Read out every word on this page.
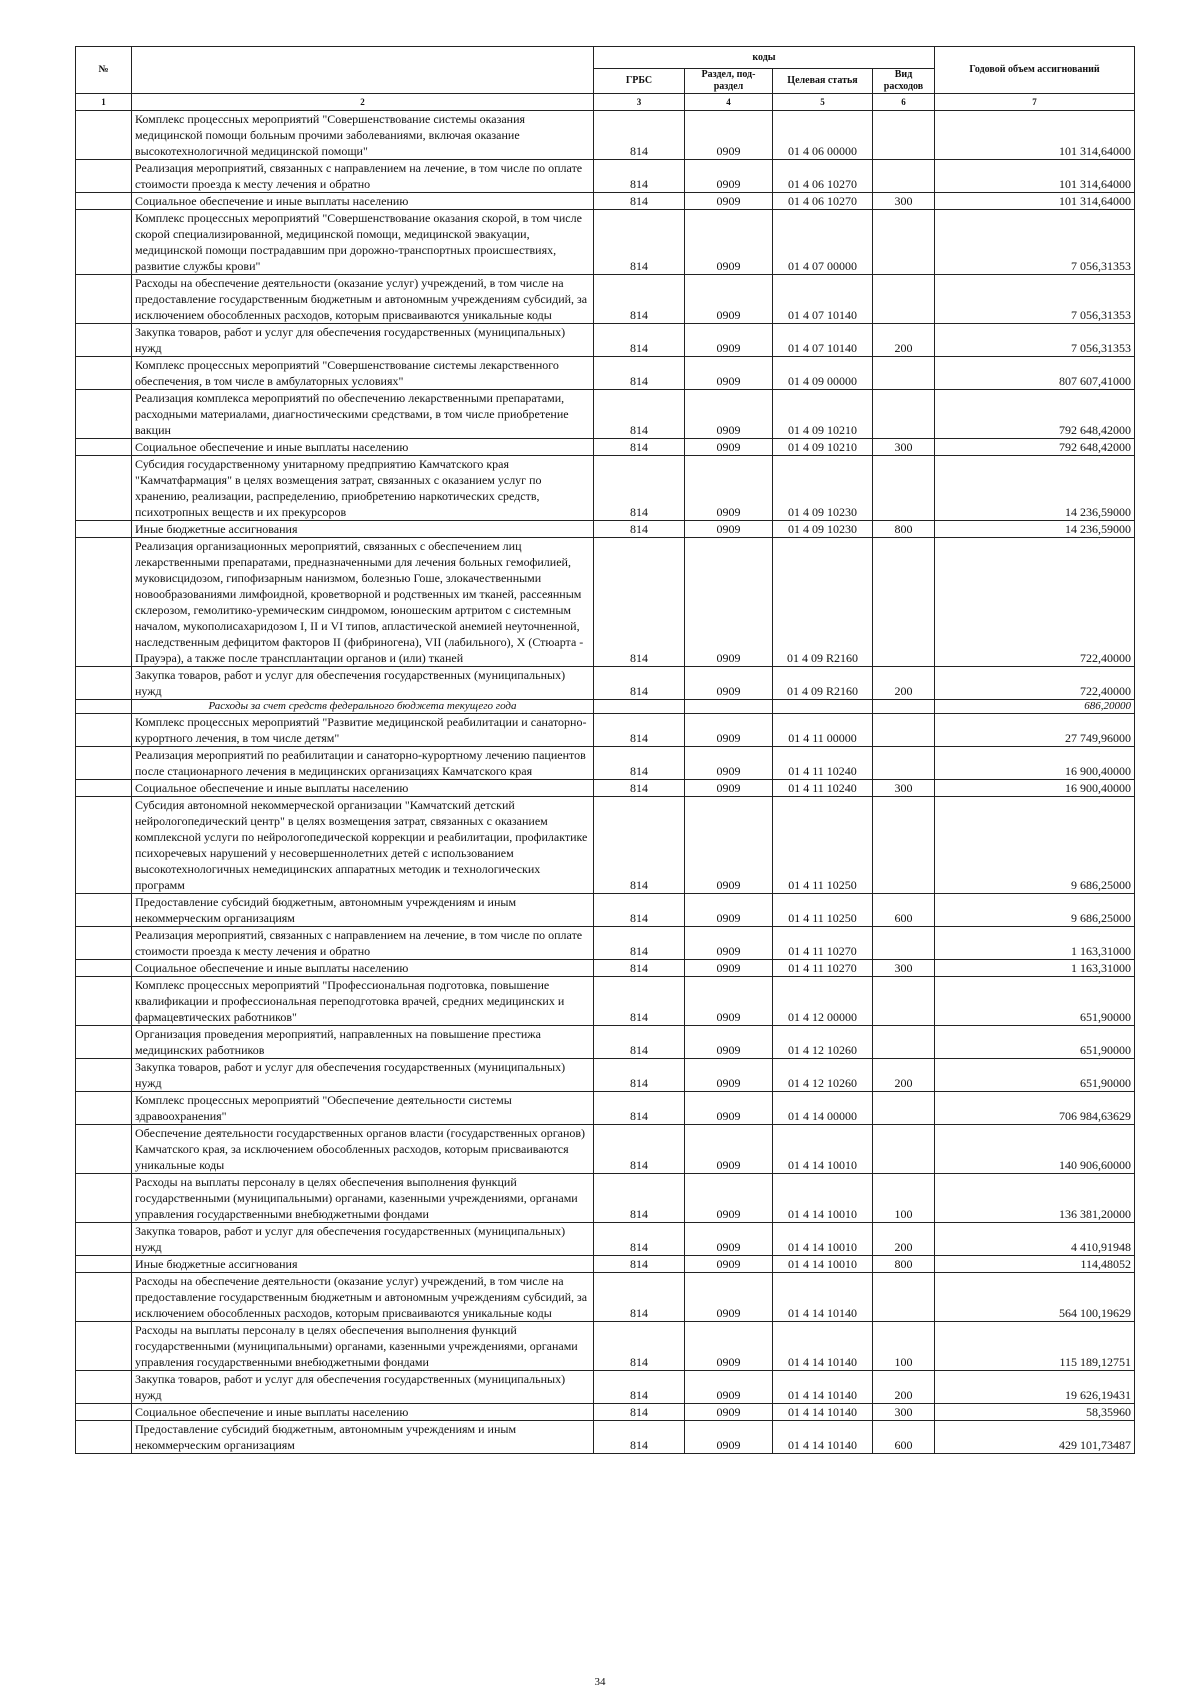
№		коды				Годовой объем ассигнований
		ГРБС	Раздел, под-раздел	Целевая статья	Вид расходов	
1	2	3	4	5	6	7
	Комплекс процессных мероприятий "Совершенствование системы оказания медицинской помощи больным прочими заболеваниями, включая оказание высокотехнологичной медицинской помощи"	814	0909	01 4 06 00000		101 314,64000
	Реализация мероприятий, связанных с направлением на лечение, в том числе по оплате стоимости проезда к месту лечения и обратно	814	0909	01 4 06 10270		101 314,64000
	Социальное обеспечение и иные выплаты населению	814	0909	01 4 06 10270	300	101 314,64000
	Комплекс процессных мероприятий "Совершенствование оказания скорой, в том числе скорой специализированной, медицинской помощи, медицинской эвакуации, медицинской помощи пострадавшим при дорожно-транспортных происшествиях, развитие службы крови"	814	0909	01 4 07 00000		7 056,31353
	Расходы на обеспечение деятельности (оказание услуг) учреждений, в том числе на предоставление государственным бюджетным и автономным учреждениям субсидий, за исключением обособленных расходов, которым присваиваются уникальные коды	814	0909	01 4 07 10140		7 056,31353
	Закупка товаров, работ и услуг для обеспечения государственных (муниципальных) нужд	814	0909	01 4 07 10140	200	7 056,31353
	Комплекс процессных мероприятий "Совершенствование системы лекарственного обеспечения, в том числе в амбулаторных условиях"	814	0909	01 4 09 00000		807 607,41000
	Реализация комплекса мероприятий по обеспечению лекарственными препаратами, расходными материалами, диагностическими средствами, в том числе приобретение вакцин	814	0909	01 4 09 10210		792 648,42000
	Социальное обеспечение и иные выплаты населению	814	0909	01 4 09 10210	300	792 648,42000
	Субсидия государственному унитарному предприятию Камчатского края "Камчатфармация" в целях возмещения затрат, связанных с оказанием услуг по хранению, реализации, распределению, приобретению наркотических средств, психотропных веществ и их прекурсоров	814	0909	01 4 09 10230		14 236,59000
	Иные бюджетные ассигнования	814	0909	01 4 09 10230	800	14 236,59000
	Реализация организационных мероприятий, связанных с обеспечением лиц лекарственными препаратами, предназначенными для лечения больных гемофилией, муковисцидозом, гипофизарным нанизмом, болезнью Гоше, злокачественными новообразованиями лимфоидной, кроветворной и родственных им тканей, рассеянным склерозом, гемолитико-уремическим синдромом, юношеским артритом с системным началом, мукополисахаридозом I, II и VI типов, апластической анемией неуточненной, наследственным дефицитом факторов II (фибриногена), VII (лабильного), X (Стюарта - Прауэра), а также после трансплантации органов и (или) тканей	814	0909	01 4 09 R2160		722,40000
	Закупка товаров, работ и услуг для обеспечения государственных (муниципальных) нужд	814	0909	01 4 09 R2160	200	722,40000
	Расходы за счет средств федерального бюджета текущего года					686,20000
	Комплекс процессных мероприятий "Развитие медицинской реабилитации и санаторно-курортного лечения, в том числе детям"	814	0909	01 4 11 00000		27 749,96000
	Реализация мероприятий по реабилитации и санаторно-курортному лечению пациентов после стационарного лечения в медицинских организациях Камчатского края	814	0909	01 4 11 10240		16 900,40000
	Социальное обеспечение и иные выплаты населению	814	0909	01 4 11 10240	300	16 900,40000
	Субсидия автономной некоммерческой организации "Камчатский детский нейрологопедический центр" в целях возмещения затрат, связанных с оказанием комплексной услуги по нейрологопедической коррекции и реабилитации, профилактике психоречевых нарушений у несовершеннолетних детей с использованием высокотехнологичных немедицинских аппаратных методик и технологических программ	814	0909	01 4 11 10250		9 686,25000
	Предоставление субсидий бюджетным, автономным учреждениям и иным некоммерческим организациям	814	0909	01 4 11 10250	600	9 686,25000
	Реализация мероприятий, связанных с направлением на лечение, в том числе по оплате стоимости проезда к месту лечения и обратно	814	0909	01 4 11 10270		1 163,31000
	Социальное обеспечение и иные выплаты населению	814	0909	01 4 11 10270	300	1 163,31000
	Комплекс процессных мероприятий "Профессиональная подготовка, повышение квалификации и профессиональная переподготовка врачей, средних медицинских и фармацевтических работников"	814	0909	01 4 12 00000		651,90000
	Организация проведения мероприятий, направленных на повышение престижа медицинских работников	814	0909	01 4 12 10260		651,90000
	Закупка товаров, работ и услуг для обеспечения государственных (муниципальных) нужд	814	0909	01 4 12 10260	200	651,90000
	Комплекс процессных мероприятий "Обеспечение деятельности системы здравоохранения"	814	0909	01 4 14 00000		706 984,63629
	Обеспечение деятельности государственных органов власти (государственных органов) Камчатского края, за исключением обособленных расходов, которым присваиваются уникальные коды	814	0909	01 4 14 10010		140 906,60000
	Расходы на выплаты персоналу в целях обеспечения выполнения функций государственными (муниципальными) органами, казенными учреждениями, органами управления государственными внебюджетными фондами	814	0909	01 4 14 10010	100	136 381,20000
	Закупка товаров, работ и услуг для обеспечения государственных (муниципальных) нужд	814	0909	01 4 14 10010	200	4 410,91948
	Иные бюджетные ассигнования	814	0909	01 4 14 10010	800	114,48052
	Расходы на обеспечение деятельности (оказание услуг) учреждений, в том числе на предоставление государственным бюджетным и автономным учреждениям субсидий, за исключением обособленных расходов, которым присваиваются уникальные коды	814	0909	01 4 14 10140		564 100,19629
	Расходы на выплаты персоналу в целях обеспечения выполнения функций государственными (муниципальными) органами, казенными учреждениями, органами управления государственными внебюджетными фондами	814	0909	01 4 14 10140	100	115 189,12751
	Закупка товаров, работ и услуг для обеспечения государственных (муниципальных) нужд	814	0909	01 4 14 10140	200	19 626,19431
	Социальное обеспечение и иные выплаты населению	814	0909	01 4 14 10140	300	58,35960
	Предоставление субсидий бюджетным, автономным учреждениям и иным некоммерческим организациям	814	0909	01 4 14 10140	600	429 101,73487
34
